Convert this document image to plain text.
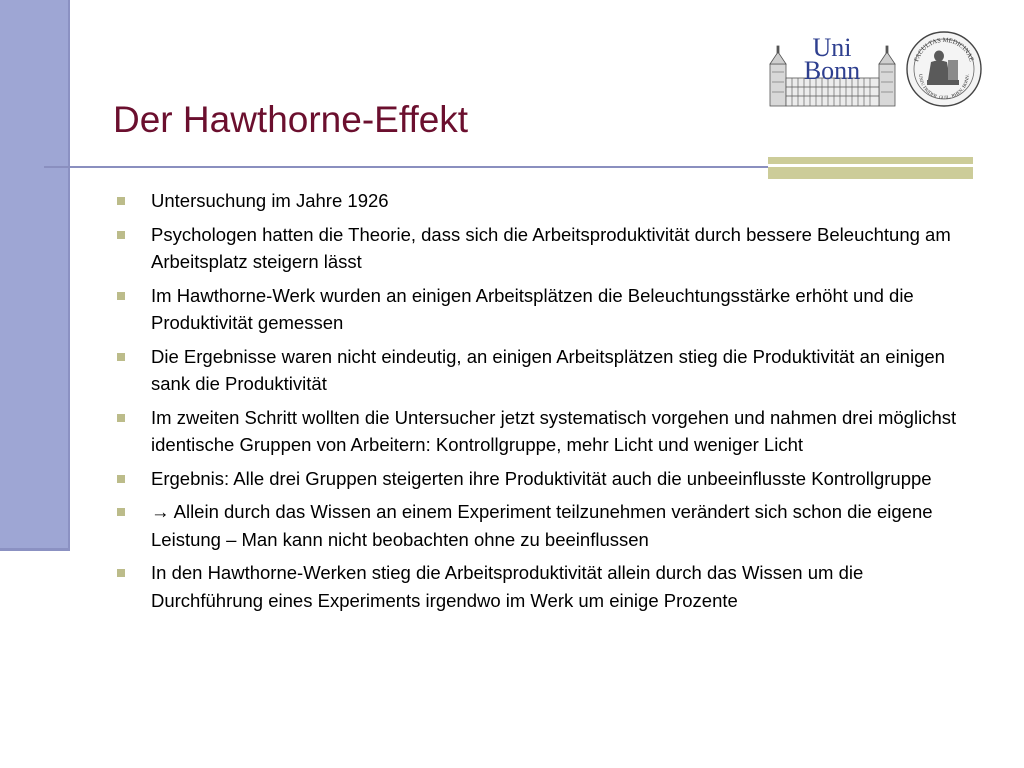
Der Hawthorne-Effekt
Uni
Bonn	FACULTAS MEDICINAE
UNIV. FRIDER. GUIL. RHEN. BONN.
Untersuchung im Jahre 1926
Psychologen hatten die Theorie, dass sich die Arbeitsproduktivität durch bessere Beleuchtung am Arbeitsplatz steigern lässt
Im Hawthorne-Werk wurden an einigen Arbeitsplätzen die Beleuchtungsstärke erhöht und die Produktivität gemessen
Die Ergebnisse waren nicht eindeutig, an einigen Arbeitsplätzen stieg die Produktivität an einigen sank die Produktivität
Im zweiten Schritt wollten die Untersucher jetzt systematisch vorgehen und nahmen drei möglichst identische Gruppen von Arbeitern: Kontrollgruppe, mehr Licht und weniger Licht
Ergebnis: Alle drei Gruppen steigerten ihre Produktivität auch die unbeeinflusste Kontrollgruppe
→ Allein durch das Wissen an einem Experiment teilzunehmen verändert sich schon die eigene Leistung – Man kann nicht beobachten ohne zu beeinflussen
In den Hawthorne-Werken stieg die Arbeitsproduktivität allein durch das Wissen um die Durchführung eines Experiments irgendwo im Werk um einige Prozente
